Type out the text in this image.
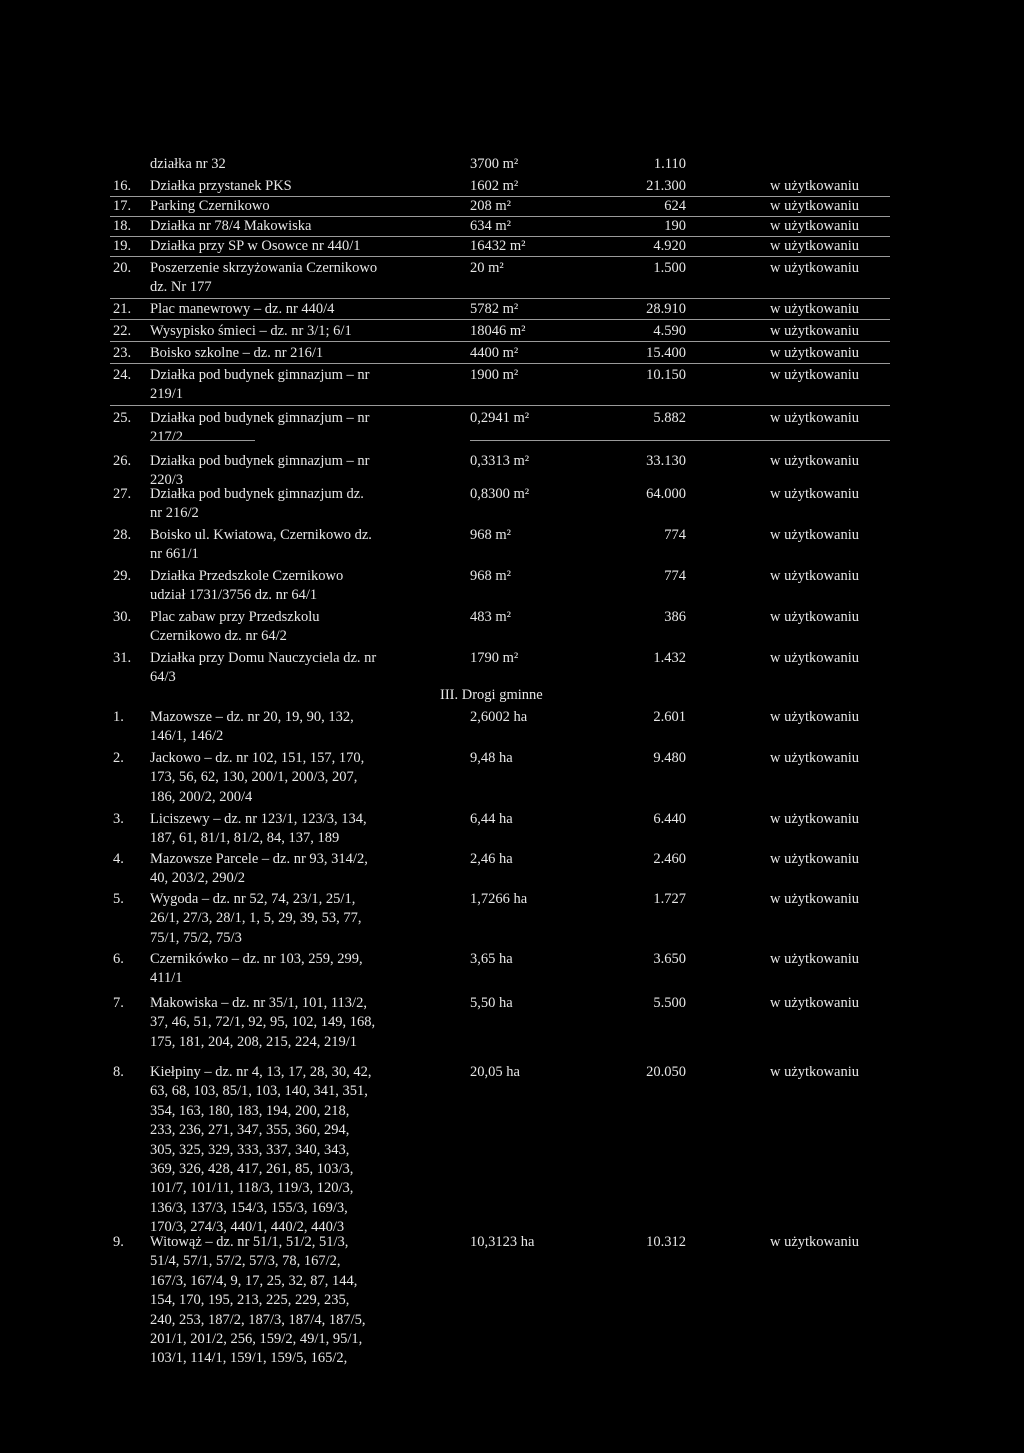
działka nr 32	3700 m²	1.110
16. Działka przystanek PKS	1602 m²	21.300	w użytkowaniu
17. Parking Czernikowo	208 m²	624	w użytkowaniu
18. Działka nr 78/4 Makowiska	634 m²	190	w użytkowaniu
19. Działka przy SP w Osowce nr 440/1	16432 m²	4.920	w użytkowaniu
20. Poszerzenie skrzyżowania Czernikowo
dz. Nr 177
20 m²	1.500	w użytkowaniu
21. Plac manewrowy – dz. nr 440/4	5782 m²	28.910	w użytkowaniu
22. Wysypisko śmieci – dz. nr 3/1; 6/1	18046 m²	4.590	w użytkowaniu
23. Boisko szkolne – dz. nr 216/1	4400 m²	15.400	w użytkowaniu
24. Działka pod budynek gimnazjum – nr
219/1
1900 m²	10.150	w użytkowaniu
25. Działka pod budynek gimnazjum – nr
217/2
0,2941 m²	5.882	w użytkowaniu
26. Działka pod budynek gimnazjum – nr
220/3
0,3313 m²	33.130	w użytkowaniu
27. Działka pod budynek gimnazjum dz.
nr 216/2
0,8300 m²	64.000	w użytkowaniu
28. Boisko ul. Kwiatowa, Czernikowo dz.
nr 661/1
968 m²	774	w użytkowaniu
29. Działka Przedszkole Czernikowo
udział 1731/3756 dz. nr 64/1
968 m²	774	w użytkowaniu
30. Plac zabaw przy Przedszkolu
Czernikowo dz. nr 64/2
483 m²	386	w użytkowaniu
31. Działka przy Domu Nauczyciela dz. nr
64/3
1790 m²	1.432	w użytkowaniu
1. Mazowsze – dz. nr 20, 19, 90, 132,
146/1, 146/2
2,6002 ha	2.601	w użytkowaniu
2. Jackowo – dz. nr 102, 151, 157, 170,
173, 56, 62, 130, 200/1, 200/3, 207,
186, 200/2, 200/4
9,48 ha	9.480	w użytkowaniu
3. Liciszewy – dz. nr 123/1, 123/3, 134,
187, 61, 81/1, 81/2, 84, 137, 189
6,44 ha	6.440	w użytkowaniu
4. Mazowsze Parcele – dz. nr 93, 314/2,
40, 203/2, 290/2
2,46 ha	2.460	w użytkowaniu
5. Wygoda – dz. nr 52, 74, 23/1, 25/1,
26/1, 27/3, 28/1, 1, 5, 29, 39, 53, 77,
75/1, 75/2, 75/3
1,7266 ha	1.727	w użytkowaniu
6. Czernikówko – dz. nr 103, 259, 299,
411/1
3,65 ha	3.650	w użytkowaniu
7. Makowiska – dz. nr 35/1, 101, 113/2,
37, 46, 51, 72/1, 92, 95, 102, 149, 168,
175, 181, 204, 208, 215, 224, 219/1
5,50 ha	5.500	w użytkowaniu
8. Kiełpiny – dz. nr 4, 13, 17, 28, 30, 42,
63, 68, 103, 85/1, 103, 140, 341, 351,
354, 163, 180, 183, 194, 200, 218,
233, 236, 271, 347, 355, 360, 294,
305, 325, 329, 333, 337, 340, 343,
369, 326, 428, 417, 261, 85, 103/3,
101/7, 101/11, 118/3, 119/3, 120/3,
136/3, 137/3, 154/3, 155/3, 169/3,
170/3, 274/3, 440/1, 440/2, 440/3
20,05 ha	20.050	w użytkowaniu
9. Witowąż – dz. nr 51/1, 51/2, 51/3,
51/4, 57/1, 57/2, 57/3, 78, 167/2,
167/3, 167/4, 9, 17, 25, 32, 87, 144,
154, 170, 195, 213, 225, 229, 235,
240, 253, 187/2, 187/3, 187/4, 187/5,
201/1, 201/2, 256, 159/2, 49/1, 95/1,
103/1, 114/1, 159/1, 159/5, 165/2,
10,3123 ha	10.312	w użytkowaniu
III. Drogi gminne
